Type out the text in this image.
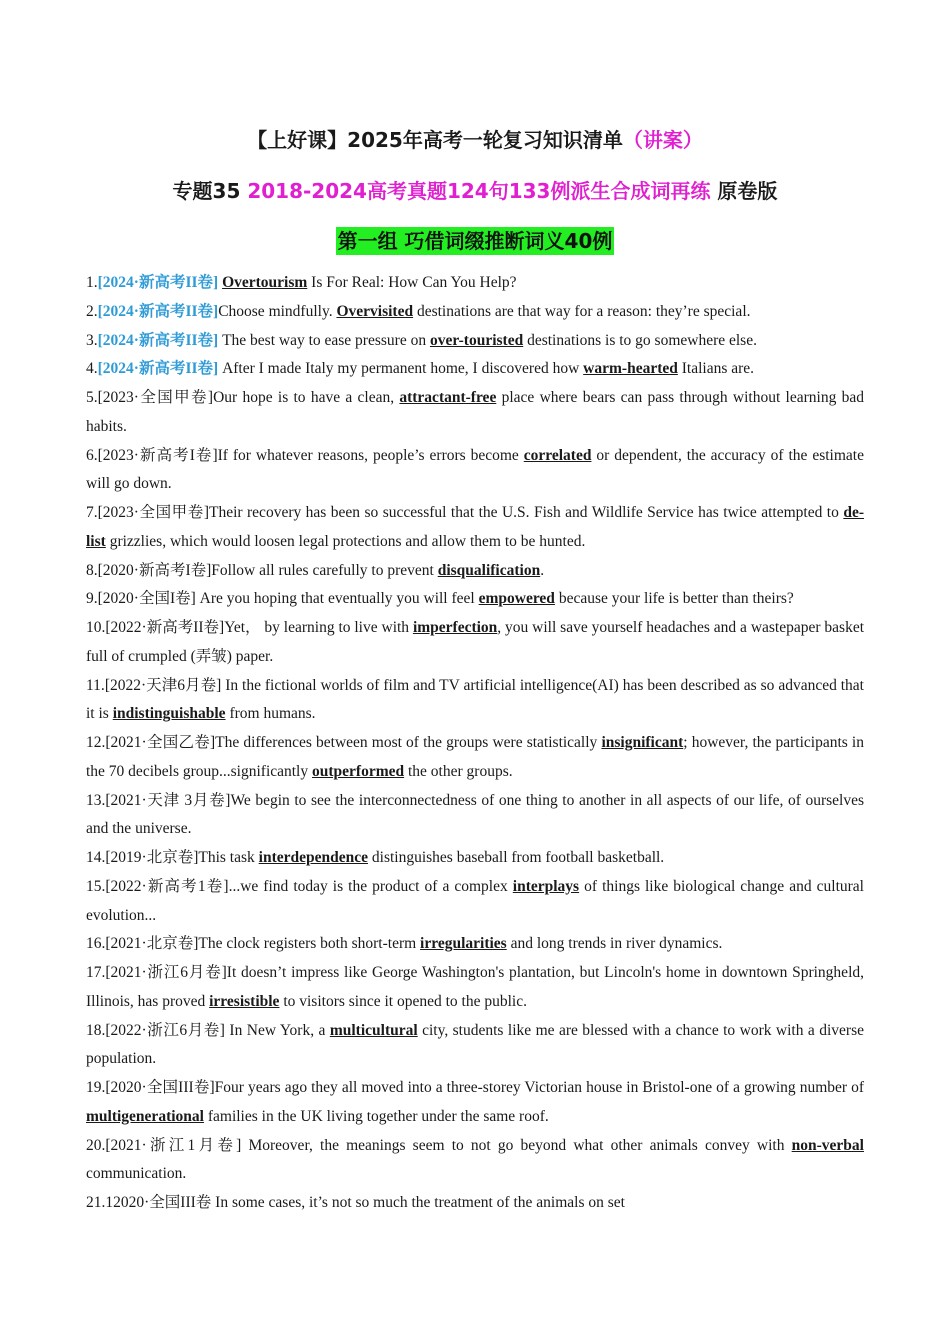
【上好课】2025年高考一轮复习知识清单（讲案）
专题35 2018-2024高考真题124句133例派生合成词再练 原卷版
第一组 巧借词缀推断词义40例
1.[2024·新高考II卷] Overtourism Is For Real: How Can You Help?
2.[2024·新高考II卷]Choose mindfully. Overvisited destinations are that way for a reason: they’re special.
3.[2024·新高考II卷] The best way to ease pressure on over-touristed destinations is to go somewhere else.
4.[2024·新高考II卷] After I made Italy my permanent home, I discovered how warm-hearted Italians are.
5.[2023·全国甲卷]Our hope is to have a clean, attractant-free place where bears can pass through without learning bad habits.
6.[2023·新高考I卷]If for whatever reasons, people’s errors become correlated or dependent, the accuracy of the estimate will go down.
7.[2023·全国甲卷]Their recovery has been so successful that the U.S. Fish and Wildlife Service has twice attempted to de-list grizzlies, which would loosen legal protections and allow them to be hunted.
8.[2020·新高考I卷]Follow all rules carefully to prevent disqualification.
9.[2020·全国I卷] Are you hoping that eventually you will feel empowered because your life is better than theirs?
10.[2022·新高考II卷]Yet， by learning to live with imperfection, you will save yourself headaches and a wastepaper basket full of crumpled (弄皱) paper.
11.[2022·天津6月卷] In the fictional worlds of film and TV artificial intelligence(AI) has been described as so advanced that it is indistinguishable from humans.
12.[2021·全国乙卷]The differences between most of the groups were statistically insignificant; however, the participants in the 70 decibels group...significantly outperformed the other groups.
13.[2021·天津 3月卷]We begin to see the interconnectedness of one thing to another in all aspects of our life, of ourselves and the universe.
14.[2019·北京卷]This task interdependence distinguishes baseball from football basketball.
15.[2022·新高考1卷]...we find today is the product of a complex interplays of things like biological change and cultural evolution...
16.[2021·北京卷]The clock registers both short-term irregularities and long trends in river dynamics.
17.[2021·浙江6月卷]It doesn’t impress like George Washington's plantation, but Lincoln's home in downtown Springheld, Illinois, has proved irresistible to visitors since it opened to the public.
18.[2022·浙江6月卷] In New York, a multicultural city, students like me are blessed with a chance to work with a diverse population.
19.[2020·全国III卷]Four years ago they all moved into a three-storey Victorian house in Bristol-one of a growing number of multigenerational families in the UK living together under the same roof.
20.[2021·浙江1月卷] Moreover, the meanings seem to not go beyond what other animals convey with non-verbal communication.
21.12020·全国III卷 In some cases, it’s not so much the treatment of the animals on set
